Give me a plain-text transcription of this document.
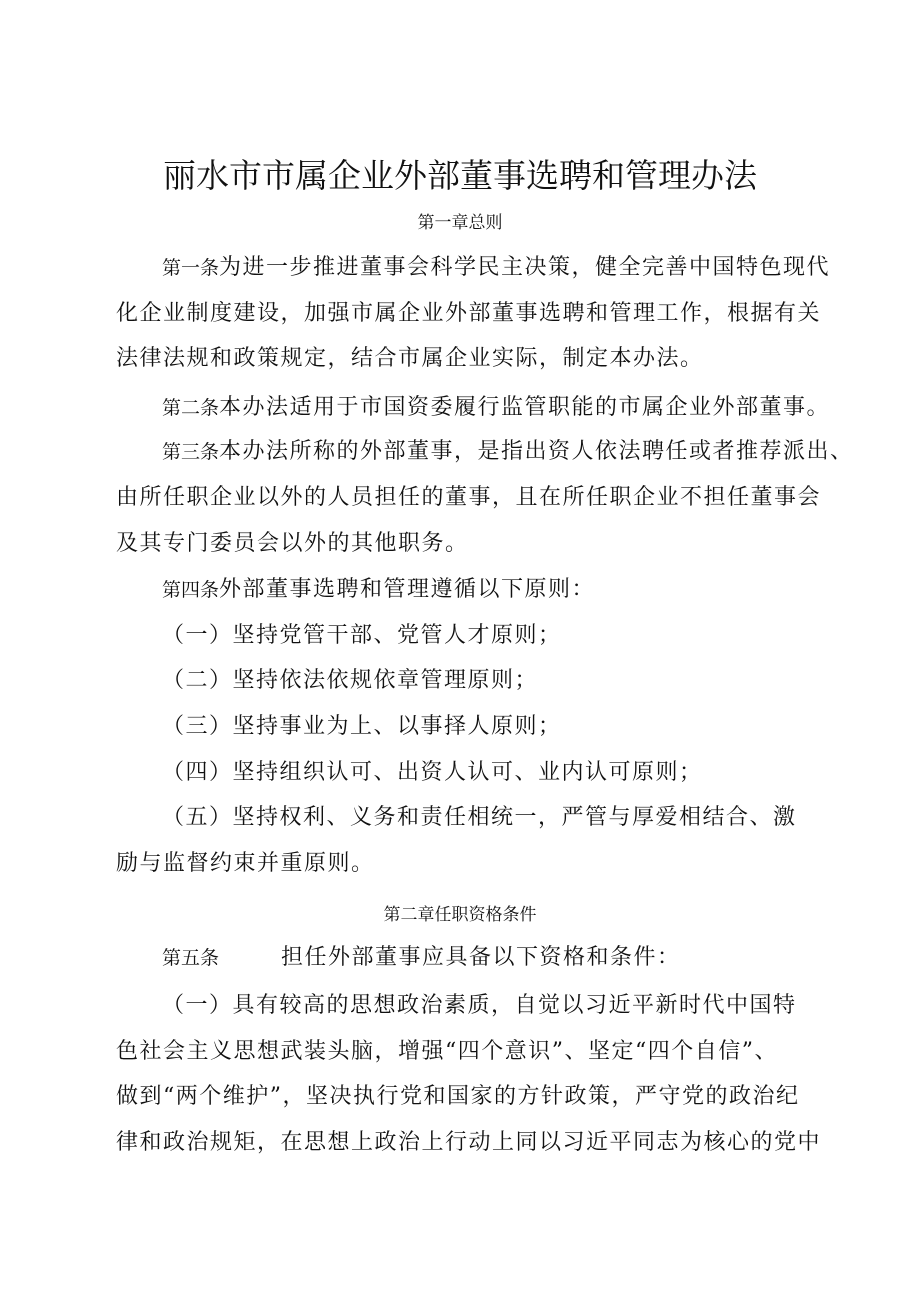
丽水市市属企业外部董事选聘和管理办法

第一章总则

第一条为进一步推进董事会科学民主决策，健全完善中国特色现代

化企业制度建设，加强市属企业外部董事选聘和管理工作，根据有关

法律法规和政策规定，结合市属企业实际，制定本办法。

第二条本办法适用于市国资委履行监管职能的市属企业外部董事。

第三条本办法所称的外部董事，是指出资人依法聘任或者推荐派出、

由所任职企业以外的人员担任的董事，且在所任职企业不担任董事会

及其专门委员会以外的其他职务。

第四条外部董事选聘和管理遵循以下原则：

（一）坚持党管干部、党管人才原则；

（二）坚持依法依规依章管理原则；

（三）坚持事业为上、以事择人原则；

（四）坚持组织认可、出资人认可、业内认可原则；

（五）坚持权利、义务和责任相统一，严管与厚爱相结合、激

励与监督约束并重原则。

第二章任职资格条件

第五条	担任外部董事应具备以下资格和条件：

（一）具有较高的思想政治素质，自觉以习近平新时代中国特

色社会主义思想武装头脑，增强“四个意识”、坚定“四个自信”、

做到“两个维护”，坚决执行党和国家的方针政策，严守党的政治纪

律和政治规矩，在思想上政治上行动上同以习近平同志为核心的党中
